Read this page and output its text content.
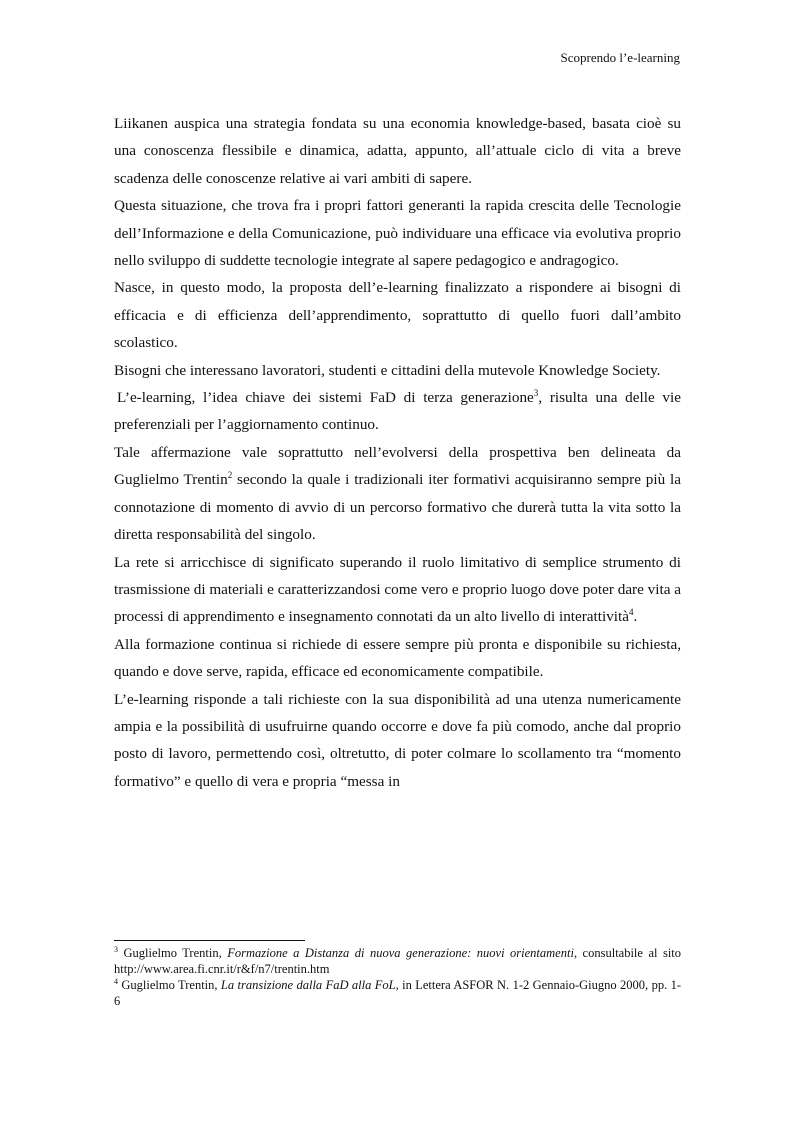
Scoprendo l’e-learning

Liikanen auspica una strategia fondata su una economia knowledge-based, basata cioè su una conoscenza flessibile e dinamica, adatta, appunto, all’attuale ciclo di vita a breve scadenza delle conoscenze relative ai vari ambiti di sapere.

Questa situazione, che trova fra i propri fattori generanti la rapida crescita delle Tecnologie dell’Informazione e della Comunicazione, può individuare una efficace via evolutiva proprio nello sviluppo di suddette tecnologie integrate al sapere pedagogico e andragogico.

Nasce, in questo modo, la proposta dell’e-learning finalizzato a rispondere ai bisogni di efficacia e di efficienza dell’apprendimento, soprattutto di quello fuori dall’ambito scolastico.

Bisogni che interessano lavoratori, studenti e cittadini della mutevole Knowledge Society.

L’e-learning, l’idea chiave dei sistemi FaD di terza generazione$^3$, risulta una delle vie preferenziali per l’aggiornamento continuo.

Tale affermazione vale soprattutto nell’evolversi della prospettiva ben delineata da Guglielmo Trentin$^2$ secondo la quale i tradizionali iter formativi acquisiranno sempre più la connotazione di momento di avvio di un percorso formativo che durerà tutta la vita sotto la diretta responsabilità del singolo.

La rete si arricchisce di significato superando il ruolo limitativo di semplice strumento di trasmissione di materiali e caratterizzandosi come vero e proprio luogo dove poter dare vita a processi di apprendimento e insegnamento connotati da un alto livello di interattività$^4$.

Alla formazione continua si richiede di essere sempre più pronta e disponibile su richiesta, quando e dove serve, rapida, efficace ed economicamente compatibile.

L’e-learning risponde a tali richieste con la sua disponibilità ad una utenza numericamente ampia e la possibilità di usufruirne quando occorre e dove fa più comodo, anche dal proprio posto di lavoro, permettendo così, oltretutto, di poter colmare lo scollamento tra “momento formativo” e quello di vera e propria “messa in

$^3$ Guglielmo Trentin, Formazione a Distanza di nuova generazione: nuovi orientamenti, consultabile al sito http://www.area.fi.cnr.it/r&f/n7/trentin.htm

$^4$ Guglielmo Trentin, La transizione dalla FaD alla FoL, in Lettera ASFOR N. 1-2 Gennaio-Giugno 2000, pp. 1-6
